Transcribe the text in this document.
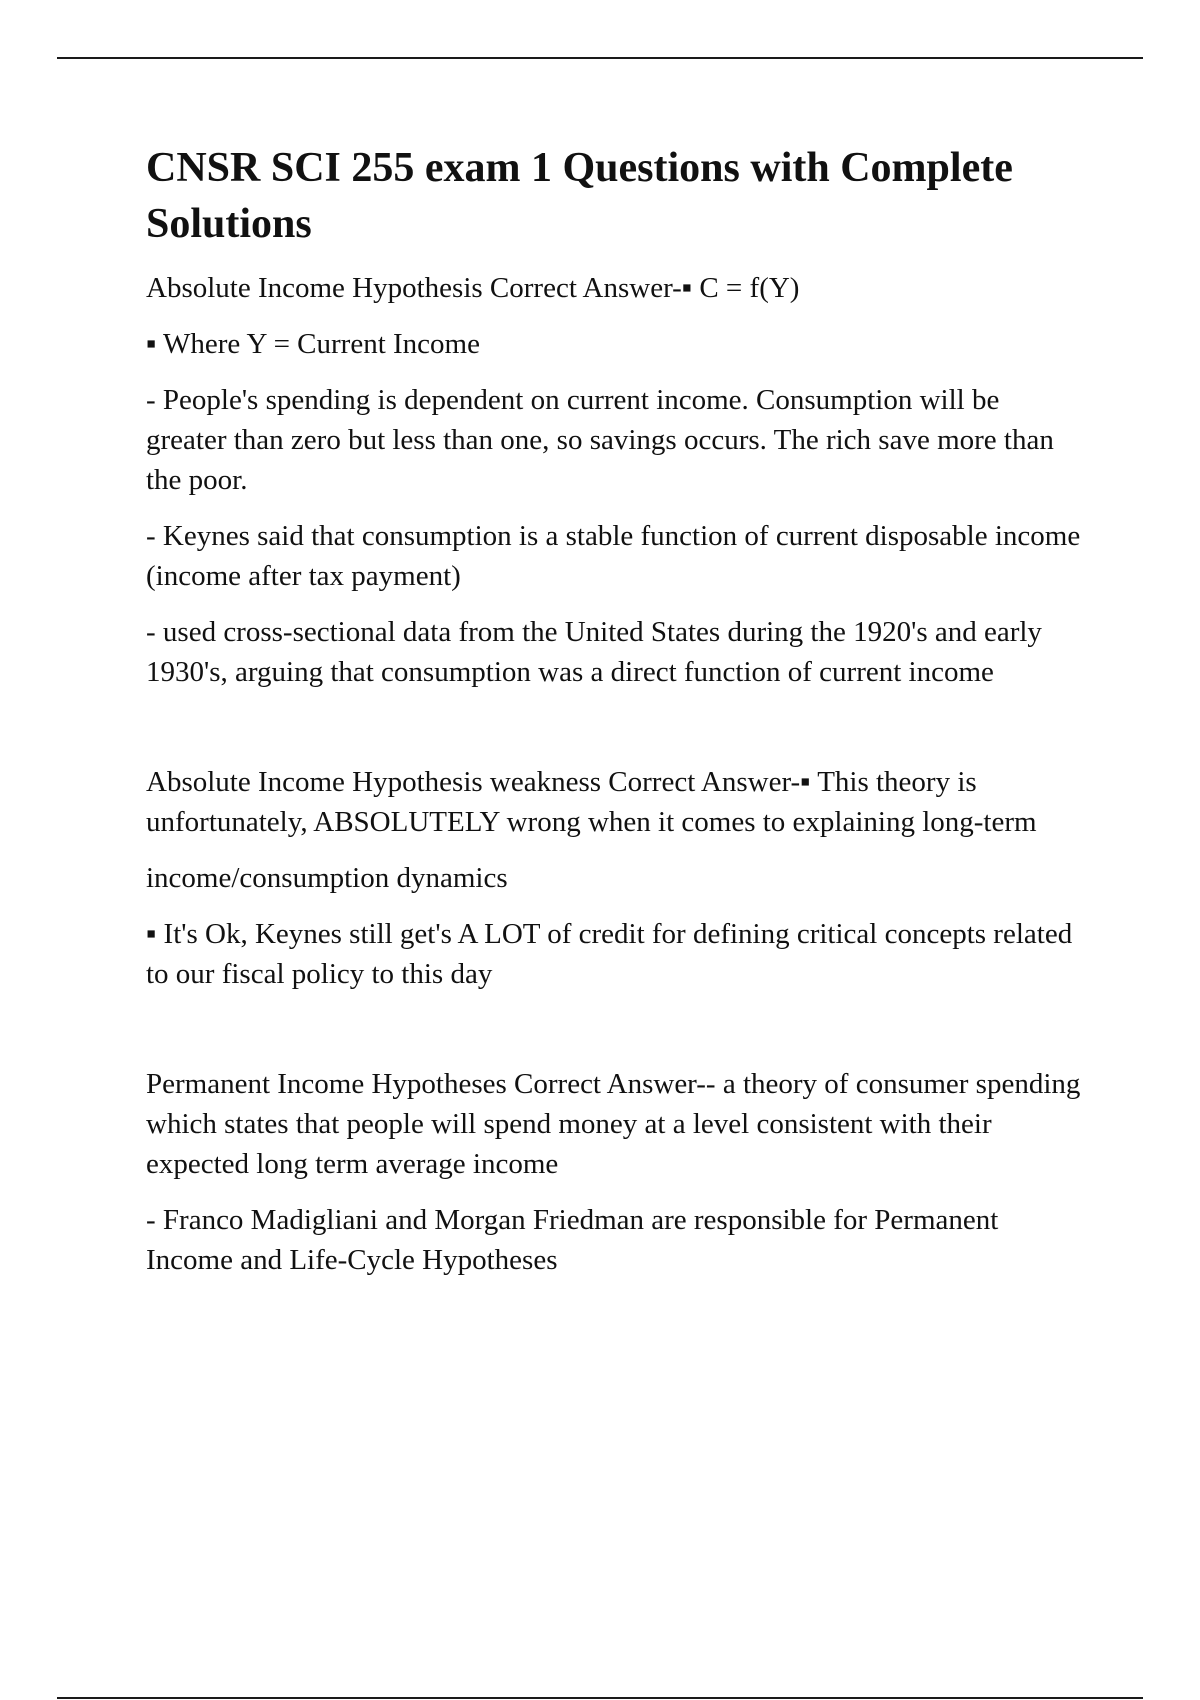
CNSR SCI 255 exam 1 Questions with Complete Solutions

Absolute Income Hypothesis Correct Answer-▪ C = f(Y)

▪ Where Y = Current Income

- People's spending is dependent on current income. Consumption will be greater than zero but less than one, so savings occurs. The rich save more than the poor.

- Keynes said that consumption is a stable function of current disposable income (income after tax payment)

- used cross-sectional data from the United States during the 1920's and early 1930's, arguing that consumption was a direct function of current income

Absolute Income Hypothesis weakness Correct Answer-▪ This theory is unfortunately, ABSOLUTELY wrong when it comes to explaining long-term

income/consumption dynamics

▪ It's Ok, Keynes still get's A LOT of credit for defining critical concepts related to our fiscal policy to this day

Permanent Income Hypotheses Correct Answer-- a theory of consumer spending which states that people will spend money at a level consistent with their expected long term average income

- Franco Madigliani and Morgan Friedman are responsible for Permanent Income and Life-Cycle Hypotheses
